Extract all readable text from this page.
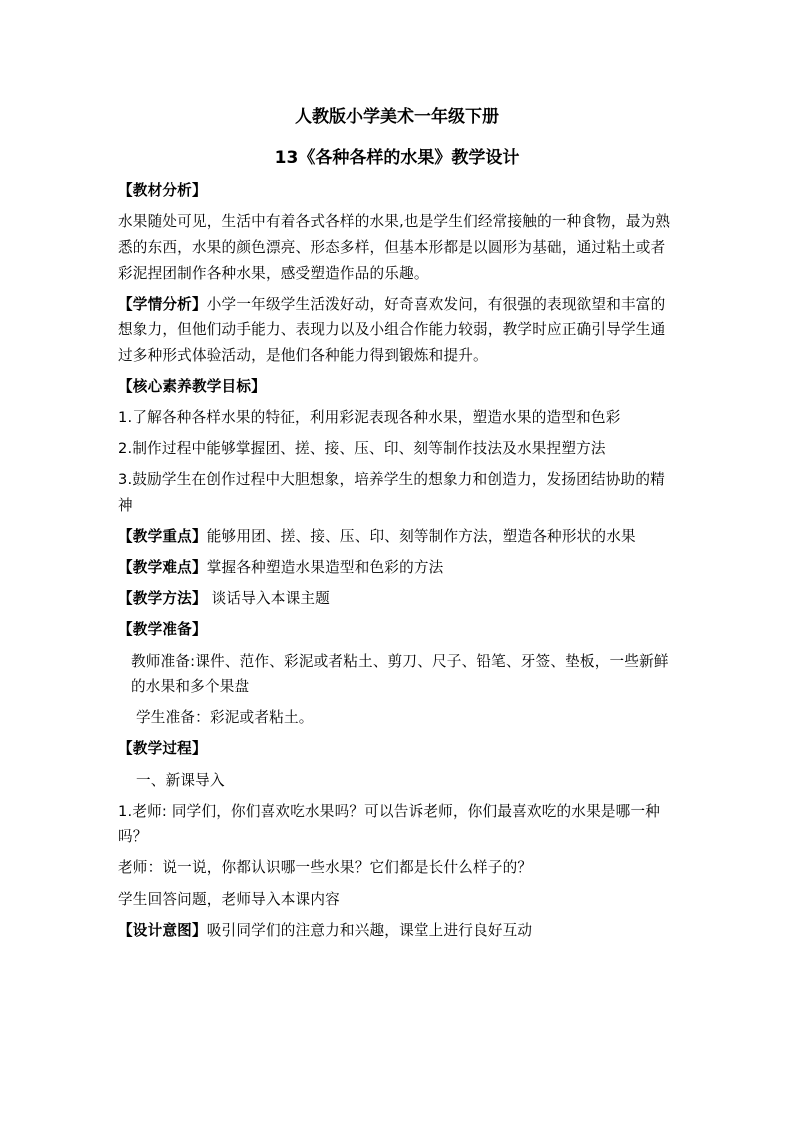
人教版小学美术一年级下册
13《各种各样的水果》教学设计

【教材分析】

水果随处可见，生活中有着各式各样的水果,也是学生们经常接触的一种食物，最为熟悉的东西，水果的颜色漂亮、形态多样，但基本形都是以圆形为基础，通过粘土或者彩泥捏团制作各种水果，感受塑造作品的乐趣。

【学情分析】小学一年级学生活泼好动，好奇喜欢发问，有很强的表现欲望和丰富的想象力，但他们动手能力、表现力以及小组合作能力较弱，教学时应正确引导学生通过多种形式体验活动，是他们各种能力得到锻炼和提升。

【核心素养教学目标】

1.了解各种各样水果的特征，利用彩泥表现各种水果，塑造水果的造型和色彩

2.制作过程中能够掌握团、搓、接、压、印、刻等制作技法及水果捏塑方法

3.鼓励学生在创作过程中大胆想象，培养学生的想象力和创造力，发扬团结协助的精神

【教学重点】能够用团、搓、接、压、印、刻等制作方法，塑造各种形状的水果

【教学难点】掌握各种塑造水果造型和色彩的方法

【教学方法】 谈话导入本课主题

【教学准备】

教师准备:课件、范作、彩泥或者粘土、剪刀、尺子、铅笔、牙签、垫板，一些新鲜的水果和多个果盘

学生准备：彩泥或者粘土。

【教学过程】

一、新课导入

1.老师: 同学们，你们喜欢吃水果吗？可以告诉老师，你们最喜欢吃的水果是哪一种吗？

老师：说一说，你都认识哪一些水果？它们都是长什么样子的？

学生回答问题，老师导入本课内容

【设计意图】吸引同学们的注意力和兴趣，课堂上进行良好互动
